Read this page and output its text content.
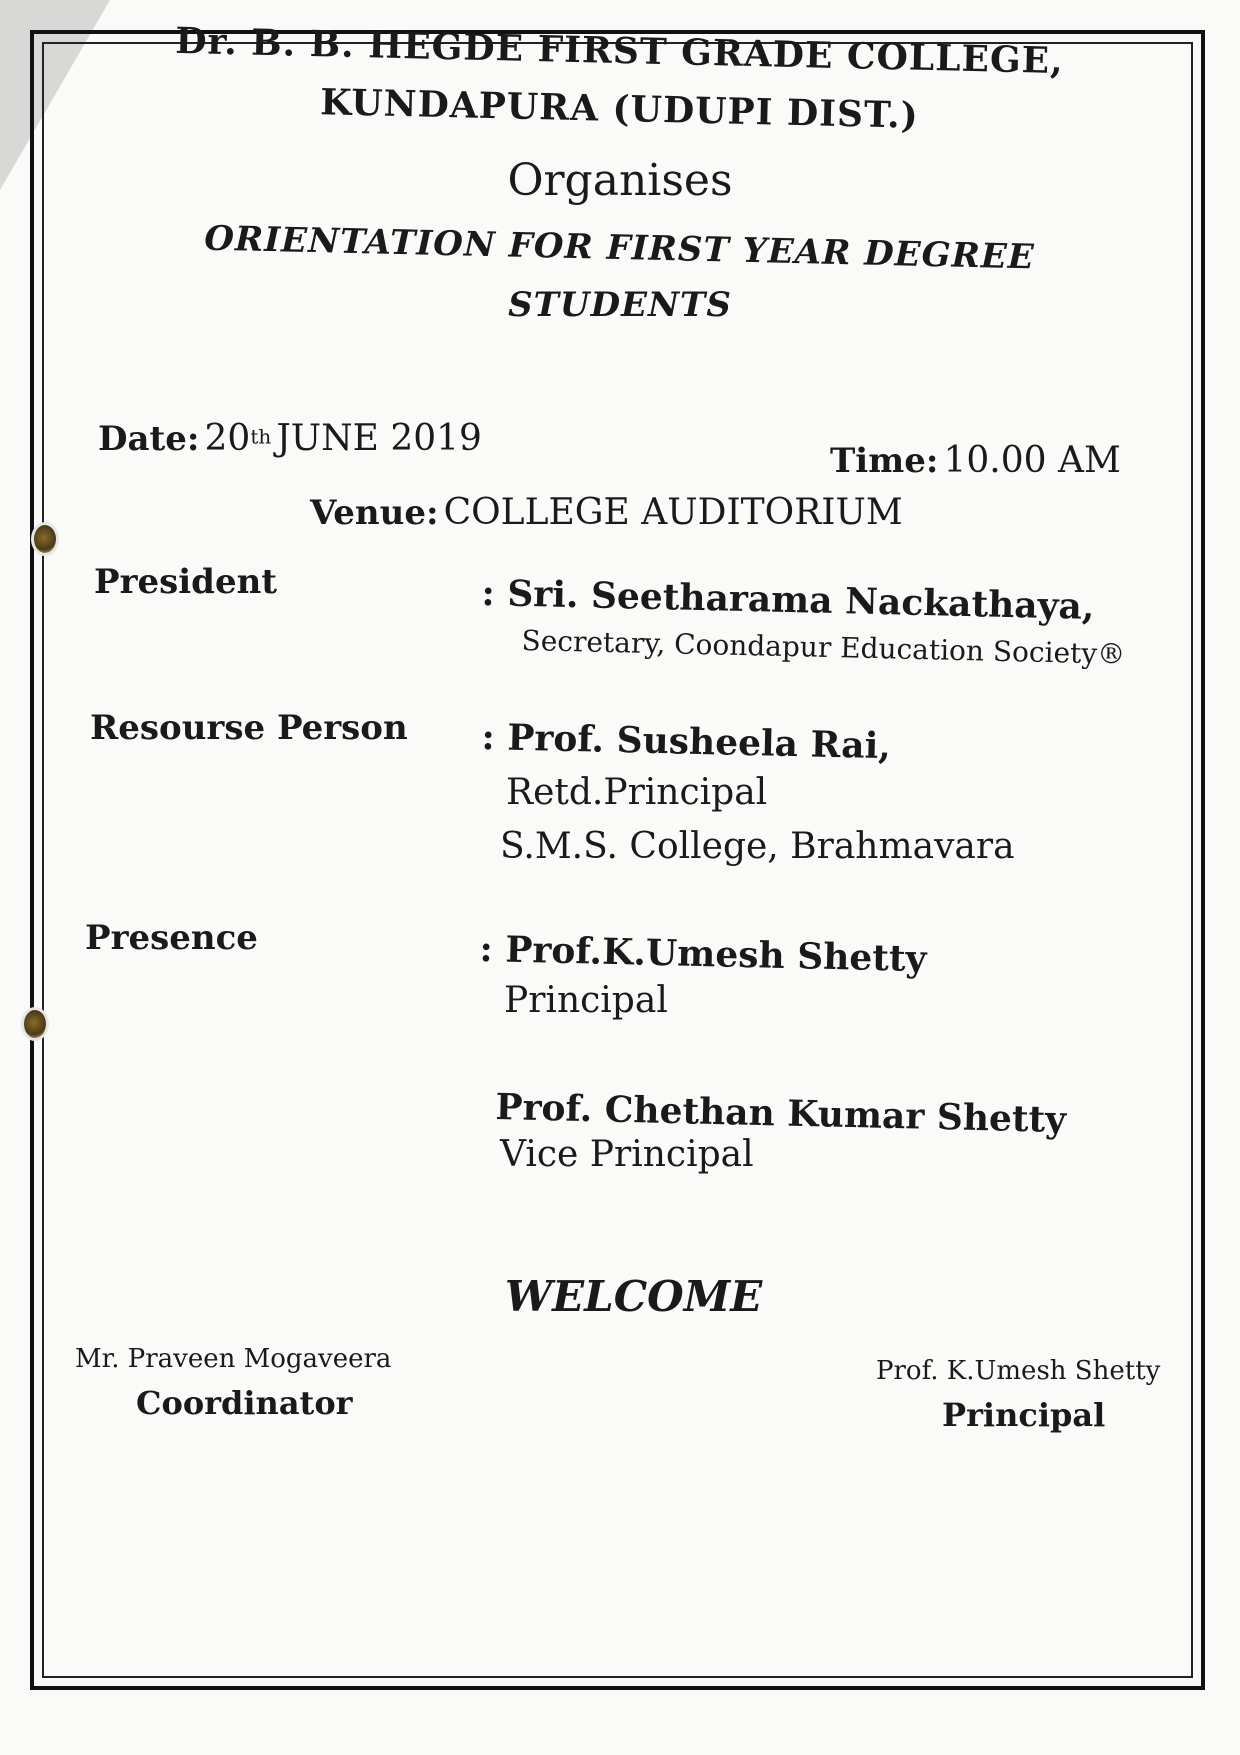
Dr. B. B. HEGDE FIRST GRADE COLLEGE,
KUNDAPURA (UDUPI DIST.)
Organises
ORIENTATION FOR FIRST YEAR DEGREE
STUDENTS
Date: 20th JUNE 2019
Time: 10.00 AM
Venue: COLLEGE AUDITORIUM
President	: Sri. Seetharama Nackathaya,
Secretary, Coondapur Education Society®
Resourse Person : Prof. Susheela Rai,
Retd.Principal
S.M.S. College, Brahmavara
Presence	: Prof.K.Umesh Shetty
Principal
Prof. Chethan Kumar Shetty
Vice Principal
WELCOME
Mr. Praveen Mogaveera
Coordinator
Prof. K.Umesh Shetty
Principal
